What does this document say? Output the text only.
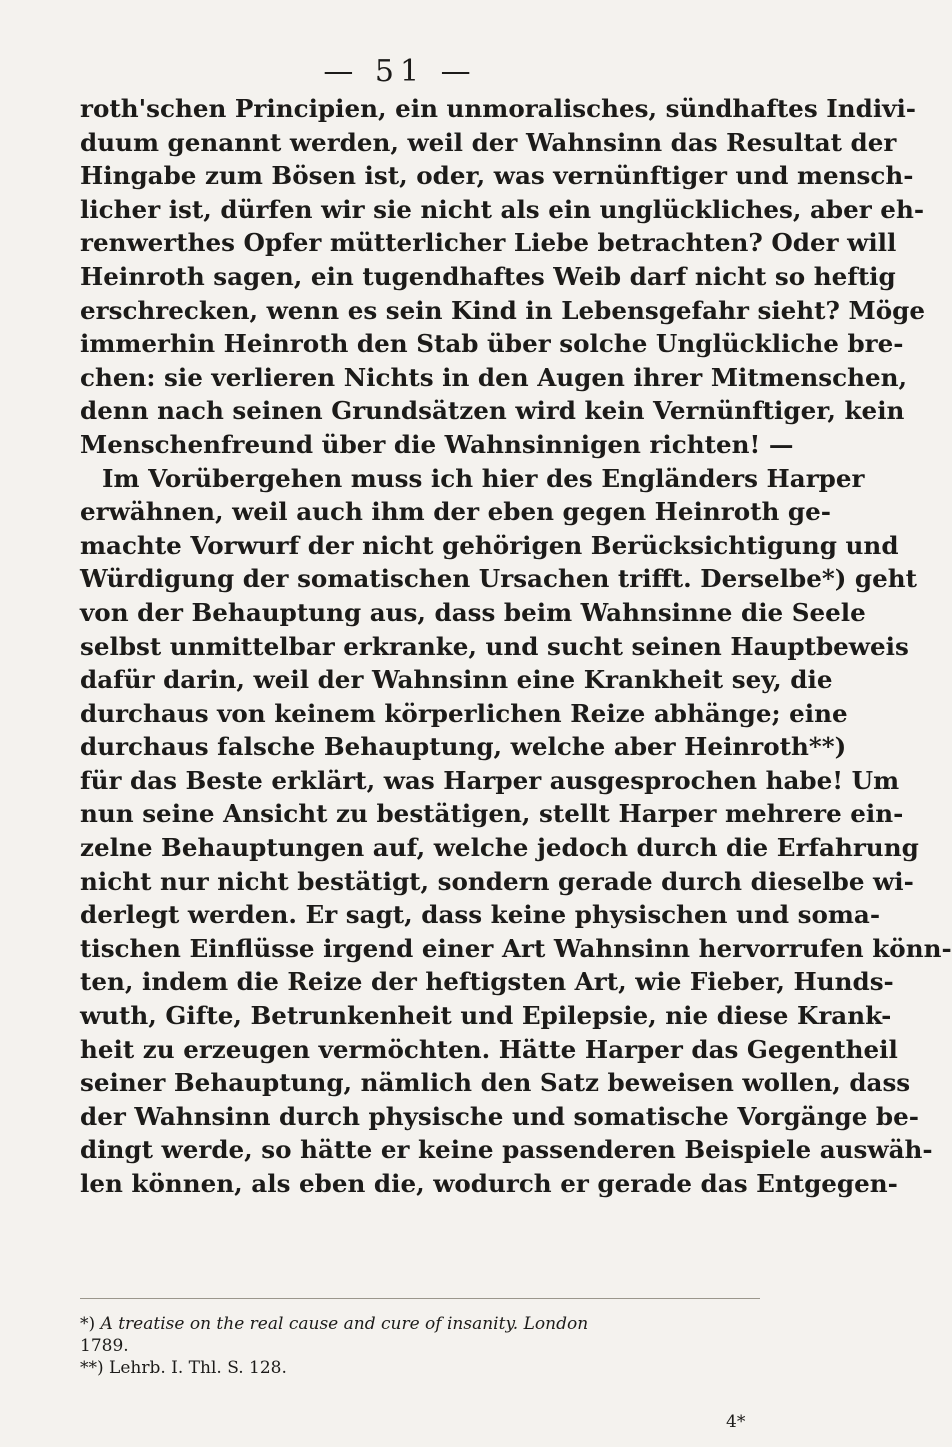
— 51 —
roth'schen Principien, ein unmoralisches, sündhaftes Indivi-
duum genannt werden, weil der Wahnsinn das Resultat der
Hingabe zum Bösen ist, oder, was vernünftiger und mensch-
licher ist, dürfen wir sie nicht als ein unglückliches, aber eh-
renwerthes Opfer mütterlicher Liebe betrachten? Oder will
Heinroth sagen, ein tugendhaftes Weib darf nicht so heftig
erschrecken, wenn es sein Kind in Lebensgefahr sieht? Möge
immerhin Heinroth den Stab über solche Unglückliche bre-
chen: sie verlieren Nichts in den Augen ihrer Mitmenschen,
denn nach seinen Grundsätzen wird kein Vernünftiger, kein
Menschenfreund über die Wahnsinnigen richten! —
Im Vorübergehen muss ich hier des Engländers Harper
erwähnen, weil auch ihm der eben gegen Heinroth ge-
machte Vorwurf der nicht gehörigen Berücksichtigung und
Würdigung der somatischen Ursachen trifft. Derselbe*) geht
von der Behauptung aus, dass beim Wahnsinne die Seele
selbst unmittelbar erkranke, und sucht seinen Hauptbeweis
dafür darin, weil der Wahnsinn eine Krankheit sey, die
durchaus von keinem körperlichen Reize abhänge; eine
durchaus falsche Behauptung, welche aber Heinroth**)
für das Beste erklärt, was Harper ausgesprochen habe! Um
nun seine Ansicht zu bestätigen, stellt Harper mehrere ein-
zelne Behauptungen auf, welche jedoch durch die Erfahrung
nicht nur nicht bestätigt, sondern gerade durch dieselbe wi-
derlegt werden. Er sagt, dass keine physischen und soma-
tischen Einflüsse irgend einer Art Wahnsinn hervorrufen könn-
ten, indem die Reize der heftigsten Art, wie Fieber, Hunds-
wuth, Gifte, Betrunkenheit und Epilepsie, nie diese Krank-
heit zu erzeugen vermöchten. Hätte Harper das Gegentheil
seiner Behauptung, nämlich den Satz beweisen wollen, dass
der Wahnsinn durch physische und somatische Vorgänge be-
dingt werde, so hätte er keine passenderen Beispiele auswäh-
len können, als eben die, wodurch er gerade das Entgegen-
*) A treatise on the real cause and cure of insanity. London
1789.
**) Lehrb. I. Thl. S. 128.
4*
